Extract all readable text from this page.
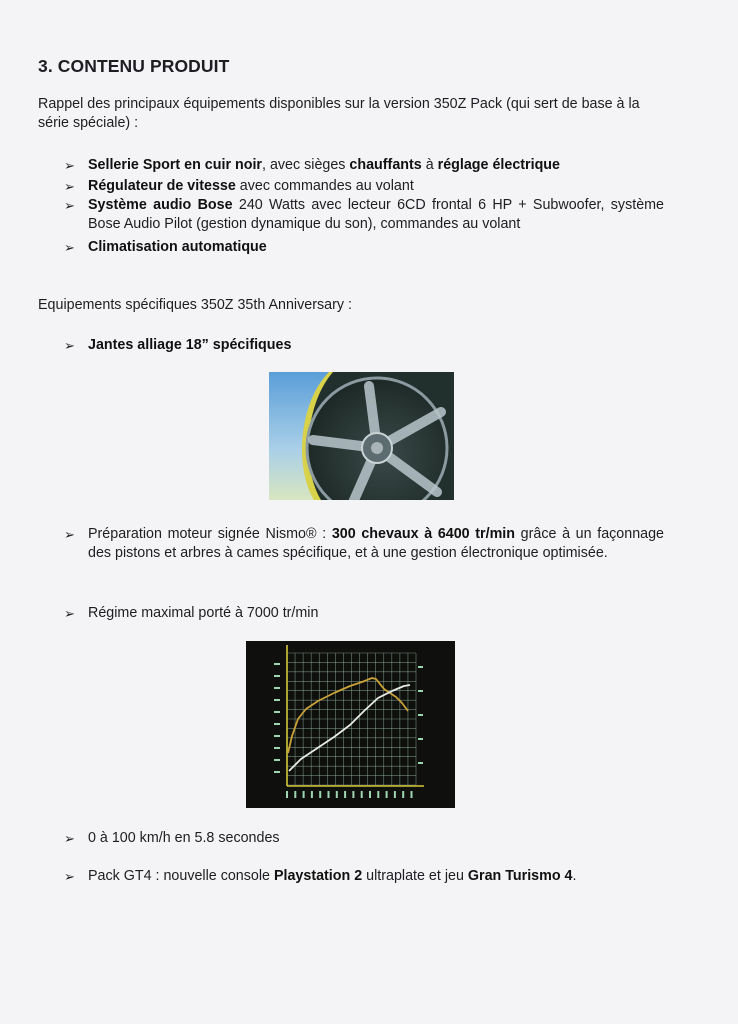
3. CONTENU PRODUIT
Rappel des principaux équipements disponibles sur la version 350Z Pack (qui sert de base à la série spéciale) :
➢ Sellerie Sport en cuir noir, avec sièges chauffants à réglage électrique
➢ Régulateur de vitesse avec commandes au volant
➢ Système audio Bose 240 Watts avec lecteur 6CD frontal 6 HP + Subwoofer, système Bose Audio Pilot (gestion dynamique du son), commandes au volant
➢ Climatisation automatique
Equipements spécifiques 350Z 35th Anniversary :
➢ Jantes alliage 18” spécifiques
➢ Préparation moteur signée Nismo® : 300 chevaux à 6400 tr/min grâce à un façonnage des pistons et arbres à cames spécifique, et à une gestion électronique optimisée.
➢ Régime maximal porté à 7000 tr/min
➢ 0 à 100 km/h en 5.8 secondes
➢ Pack GT4 : nouvelle console Playstation 2 ultraplate et jeu Gran Turismo 4.
